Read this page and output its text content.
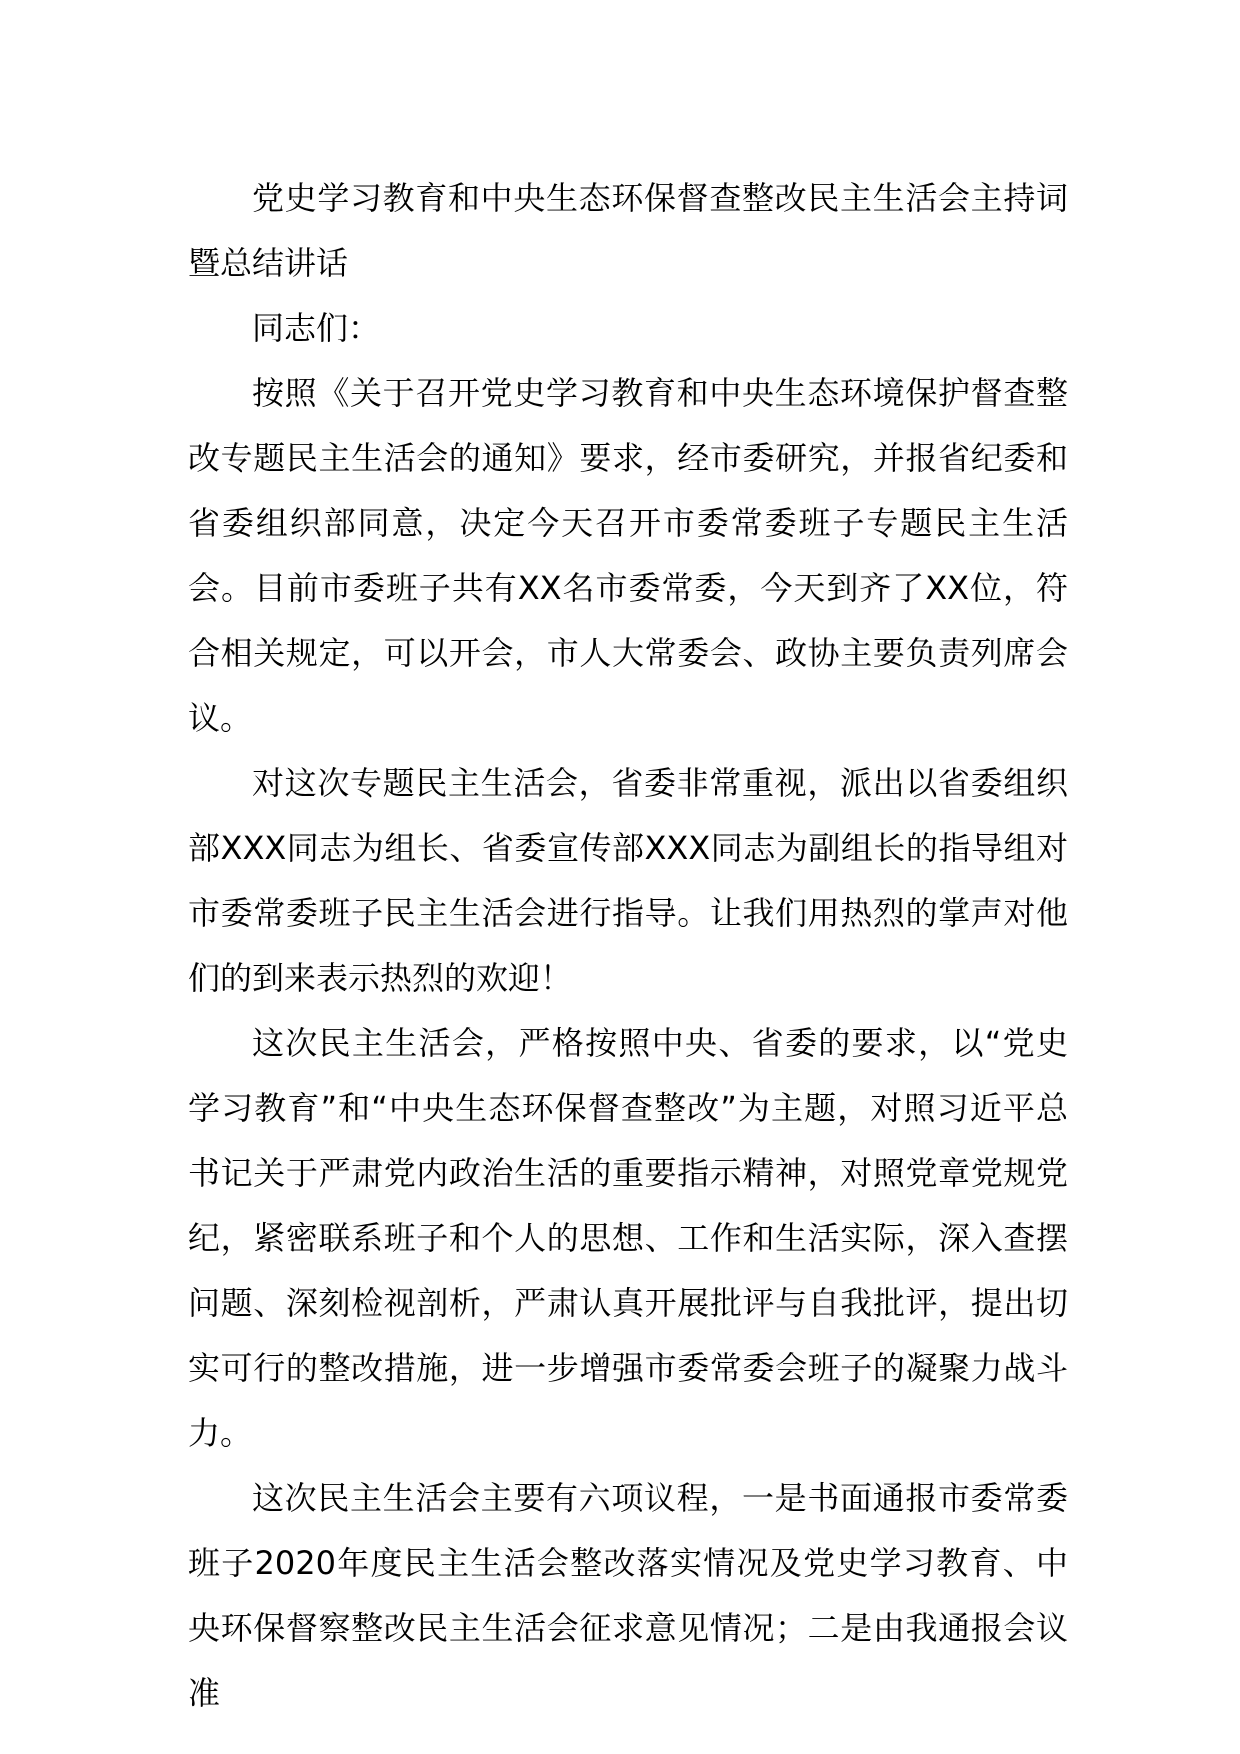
党史学习教育和中央生态环保督查整改民主生活会主持词暨总结讲话

同志们：

按照《关于召开党史学习教育和中央生态环境保护督查整改专题民主生活会的通知》要求，经市委研究，并报省纪委和省委组织部同意，决定今天召开市委常委班子专题民主生活会。目前市委班子共有XX名市委常委，今天到齐了XX位，符合相关规定，可以开会，市人大常委会、政协主要负责列席会议。

对这次专题民主生活会，省委非常重视，派出以省委组织部XXX同志为组长、省委宣传部XXX同志为副组长的指导组对市委常委班子民主生活会进行指导。让我们用热烈的掌声对他们的到来表示热烈的欢迎！

这次民主生活会，严格按照中央、省委的要求，以“党史学习教育”和“中央生态环保督查整改”为主题，对照习近平总书记关于严肃党内政治生活的重要指示精神，对照党章党规党纪，紧密联系班子和个人的思想、工作和生活实际，深入查摆问题、深刻检视剖析，严肃认真开展批评与自我批评，提出切实可行的整改措施，进一步增强市委常委会班子的凝聚力战斗力。

这次民主生活会主要有六项议程，一是书面通报市委常委班子2020年度民主生活会整改落实情况及党史学习教育、中央环保督察整改民主生活会征求意见情况；二是由我通报会议准
